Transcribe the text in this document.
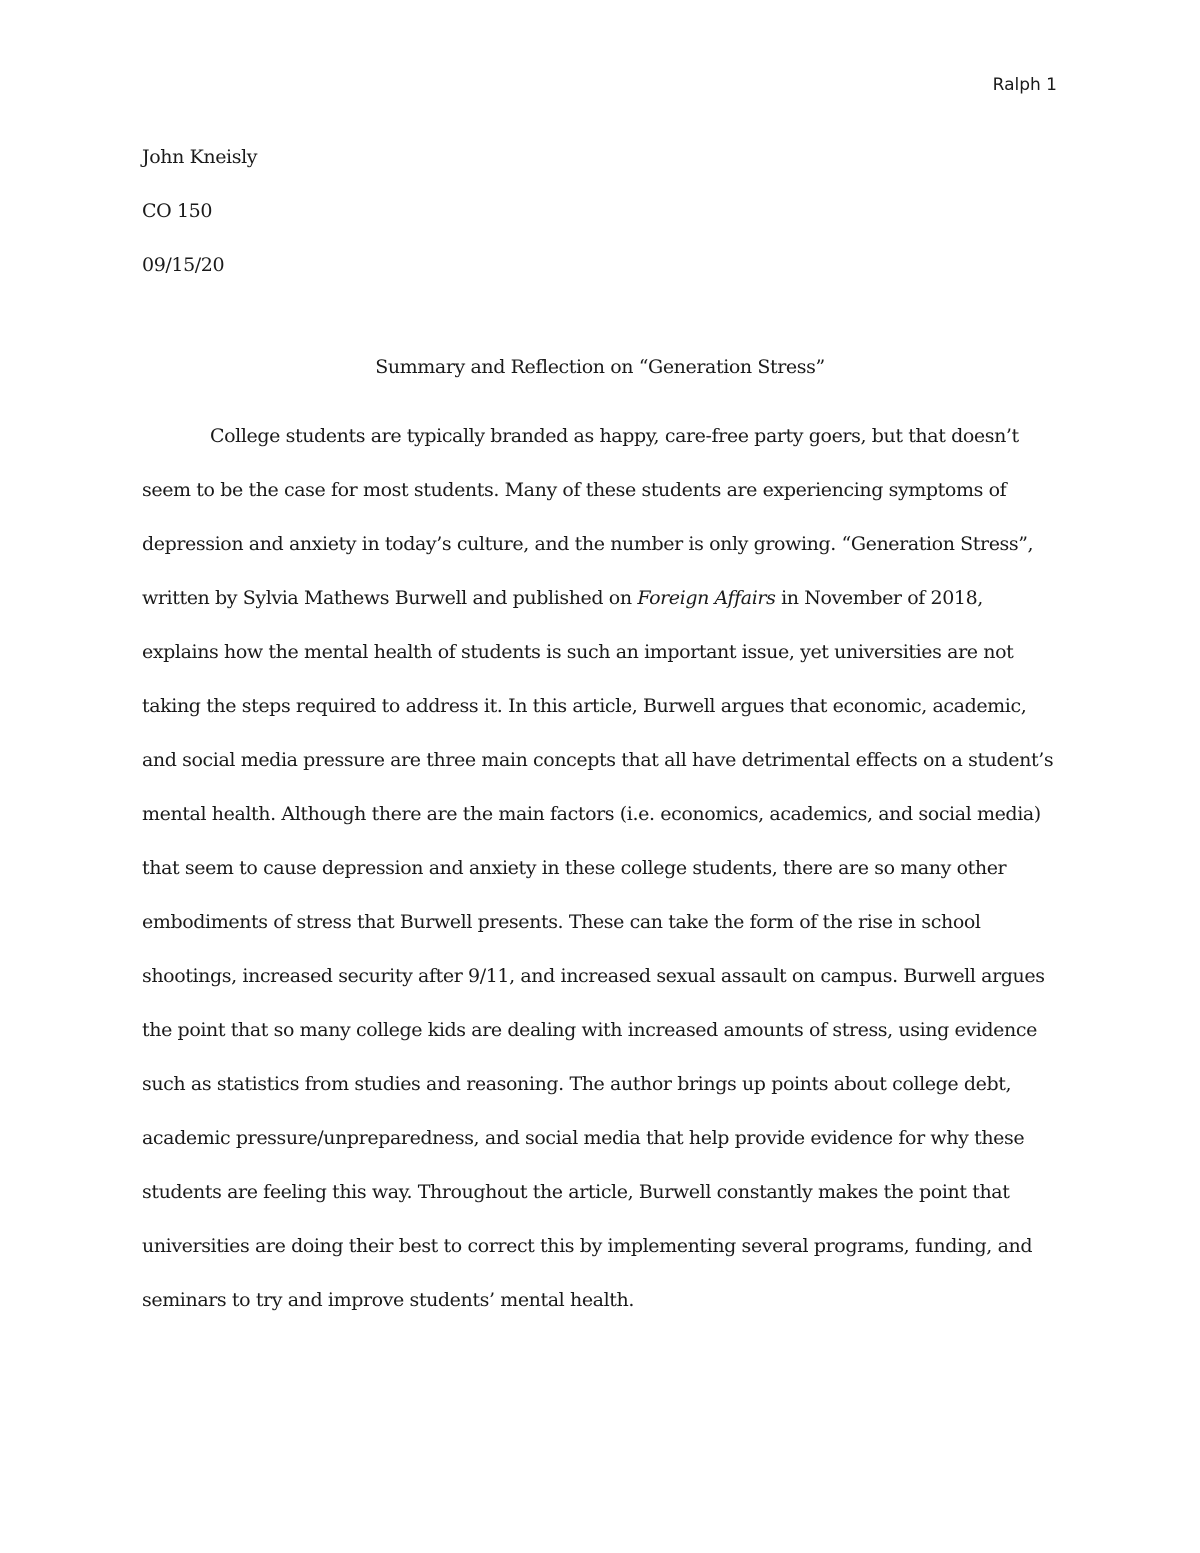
Ralph 1
John Kneisly
CO 150
09/15/20
Summary and Reflection on “Generation Stress”
College students are typically branded as happy, care-free party goers, but that doesn’t
seem to be the case for most students. Many of these students are experiencing symptoms of
depression and anxiety in today’s culture, and the number is only growing. “Generation Stress”,
written by Sylvia Mathews Burwell and published on Foreign Affairs in November of 2018,
explains how the mental health of students is such an important issue, yet universities are not
taking the steps required to address it. In this article, Burwell argues that economic, academic,
and social media pressure are three main concepts that all have detrimental effects on a student’s
mental health. Although there are the main factors (i.e. economics, academics, and social media)
that seem to cause depression and anxiety in these college students, there are so many other
embodiments of stress that Burwell presents. These can take the form of the rise in school
shootings, increased security after 9/11, and increased sexual assault on campus. Burwell argues
the point that so many college kids are dealing with increased amounts of stress, using evidence
such as statistics from studies and reasoning. The author brings up points about college debt,
academic pressure/unpreparedness, and social media that help provide evidence for why these
students are feeling this way. Throughout the article, Burwell constantly makes the point that
universities are doing their best to correct this by implementing several programs, funding, and
seminars to try and improve students’ mental health.
